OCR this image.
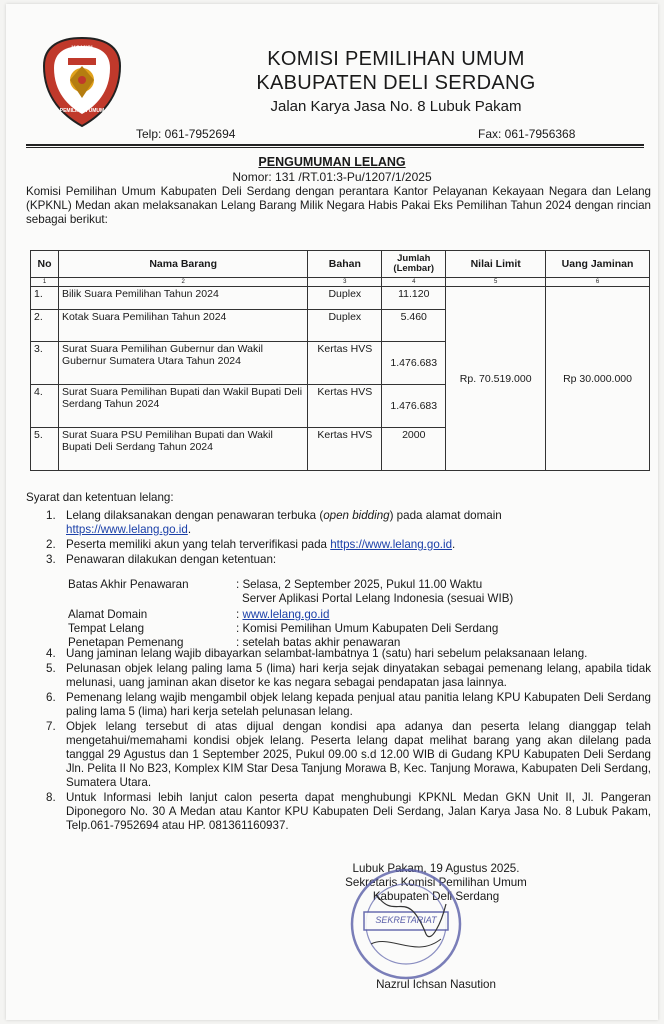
KOMISI
PEMILIHAN UMUM
KOMISI PEMILIHAN UMUM
KABUPATEN DELI SERDANG
Jalan Karya Jasa No. 8 Lubuk Pakam
Telp: 061-7952694	Fax: 061-7956368
PENGUMUMAN LELANG
Nomor: 131 /RT.01:3-Pu/1207/1/2025
Komisi Pemilihan Umum Kabupaten Deli Serdang dengan perantara Kantor Pelayanan Kekayaan Negara dan Lelang (KPKNL) Medan akan melaksanakan Lelang Barang Milik Negara Habis Pakai Eks Pemilihan Tahun 2024 dengan rincian sebagai berikut:
No	Nama Barang	Bahan	Jumlah (Lembar)	Nilai Limit	Uang Jaminan
1	2	3	4	5	6
1.	Bilik Suara Pemilihan Tahun 2024	Duplex	11.120	Rp. 70.519.000	Rp 30.000.000
2.	Kotak Suara Pemilihan Tahun 2024	Duplex	5.460		
3.	Surat Suara Pemilihan Gubernur dan Wakil Gubernur Sumatera Utara Tahun 2024	Kertas HVS	1.476.683		
4.	Surat Suara Pemilihan Bupati dan Wakil Bupati Deli Serdang Tahun 2024	Kertas HVS	1.476.683		
5.	Surat Suara PSU Pemilihan Bupati dan Wakil Bupati Deli Serdang Tahun 2024	Kertas HVS	2000		
Syarat dan ketentuan lelang:
1. Lelang dilaksanakan dengan penawaran terbuka (open bidding) pada alamat domain
https://www.lelang.go.id.
2. Peserta memiliki akun yang telah terverifikasi pada https://www.lelang.go.id.
3. Penawaran dilakukan dengan ketentuan:
4. Uang jaminan lelang wajib dibayarkan selambat-lambatnya 1 (satu) hari sebelum pelaksanaan lelang.
5. Pelunasan objek lelang paling lama 5 (lima) hari kerja sejak dinyatakan sebagai pemenang lelang, apabila tidak melunasi, uang jaminan akan disetor ke kas negara sebagai pendapatan jasa lainnya.
6. Pemenang lelang wajib mengambil objek lelang kepada penjual atau panitia lelang KPU Kabupaten Deli Serdang paling lama 5 (lima) hari kerja setelah pelunasan lelang.
7. Objek lelang tersebut di atas dijual dengan kondisi apa adanya dan peserta lelang dianggap telah mengetahui/memahami kondisi objek lelang. Peserta lelang dapat melihat barang yang akan dilelang pada tanggal 29 Agustus dan 1 September 2025, Pukul 09.00 s.d 12.00 WIB di Gudang KPU Kabupaten Deli Serdang Jln. Pelita II No B23, Komplex KIM Star Desa Tanjung Morawa B, Kec. Tanjung Morawa, Kabupaten Deli Serdang, Sumatera Utara.
8. Untuk Informasi lebih lanjut calon peserta dapat menghubungi KPKNL Medan GKN Unit II, Jl. Pangeran Diponegoro No. 30 A Medan atau Kantor KPU Kabupaten Deli Serdang, Jalan Karya Jasa No. 8 Lubuk Pakam, Telp.061-7952694 atau HP. 081361160937.
Batas Akhir Penawaran	: Selasa, 2 September 2025, Pukul 11.00 Waktu
Server Aplikasi Portal Lelang Indonesia (sesuai WIB)
Alamat Domain	: www.lelang.go.id
Tempat Lelang	: Komisi Pemilihan Umum Kabupaten Deli Serdang
Penetapan Pemenang	: setelah batas akhir penawaran
Lubuk Pakam, 19 Agustus 2025.
Sekretaris Komisi Pemilihan Umum
Kabupaten Deli Serdang
SEKRETARIAT
Nazrul Ichsan Nasution
